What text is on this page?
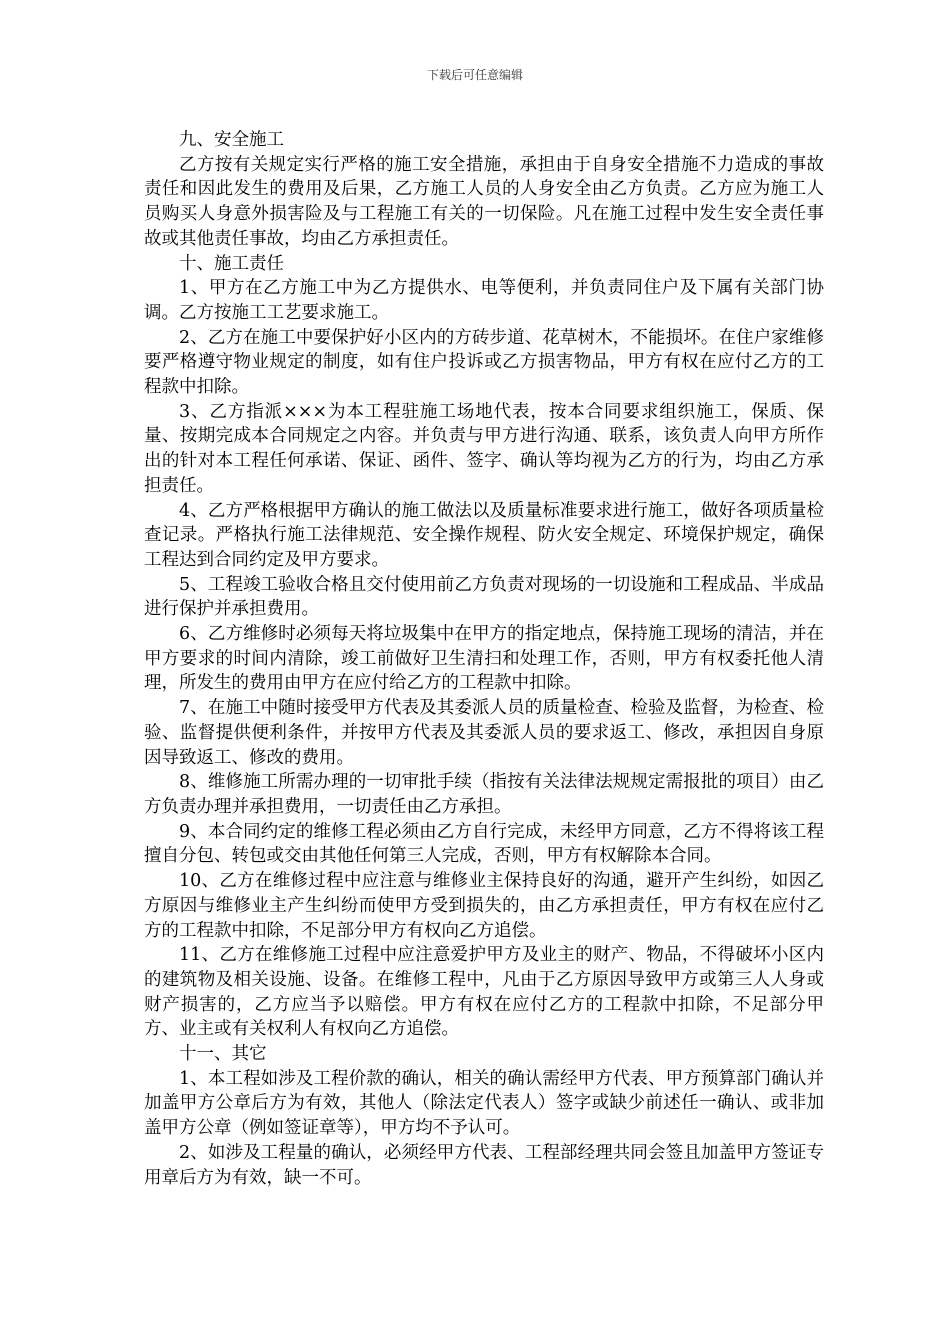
下载后可任意编辑

九、安全施工

乙方按有关规定实行严格的施工安全措施，承担由于自身安全措施不力造成的事故责任和因此发生的费用及后果，乙方施工人员的人身安全由乙方负责。乙方应为施工人员购买人身意外损害险及与工程施工有关的一切保险。凡在施工过程中发生安全责任事故或其他责任事故，均由乙方承担责任。

十、施工责任

1、甲方在乙方施工中为乙方提供水、电等便利，并负责同住户及下属有关部门协调。乙方按施工工艺要求施工。

2、乙方在施工中要保护好小区内的方砖步道、花草树木，不能损坏。在住户家维修要严格遵守物业规定的制度，如有住户投诉或乙方损害物品，甲方有权在应付乙方的工程款中扣除。

3、乙方指派×××为本工程驻施工场地代表，按本合同要求组织施工，保质、保量、按期完成本合同规定之内容。并负责与甲方进行沟通、联系，该负责人向甲方所作出的针对本工程任何承诺、保证、函件、签字、确认等均视为乙方的行为，均由乙方承担责任。

4、乙方严格根据甲方确认的施工做法以及质量标准要求进行施工，做好各项质量检查记录。严格执行施工法律规范、安全操作规程、防火安全规定、环境保护规定，确保工程达到合同约定及甲方要求。

5、工程竣工验收合格且交付使用前乙方负责对现场的一切设施和工程成品、半成品进行保护并承担费用。

6、乙方维修时必须每天将垃圾集中在甲方的指定地点，保持施工现场的清洁，并在甲方要求的时间内清除，竣工前做好卫生清扫和处理工作，否则，甲方有权委托他人清理，所发生的费用由甲方在应付给乙方的工程款中扣除。

7、在施工中随时接受甲方代表及其委派人员的质量检查、检验及监督，为检查、检验、监督提供便利条件，并按甲方代表及其委派人员的要求返工、修改，承担因自身原因导致返工、修改的费用。

8、维修施工所需办理的一切审批手续（指按有关法律法规规定需报批的项目）由乙方负责办理并承担费用，一切责任由乙方承担。

9、本合同约定的维修工程必须由乙方自行完成，未经甲方同意，乙方不得将该工程擅自分包、转包或交由其他任何第三人完成，否则，甲方有权解除本合同。

10、乙方在维修过程中应注意与维修业主保持良好的沟通，避开产生纠纷，如因乙方原因与维修业主产生纠纷而使甲方受到损失的，由乙方承担责任，甲方有权在应付乙方的工程款中扣除，不足部分甲方有权向乙方追偿。

11、乙方在维修施工过程中应注意爱护甲方及业主的财产、物品，不得破坏小区内的建筑物及相关设施、设备。在维修工程中，凡由于乙方原因导致甲方或第三人人身或财产损害的，乙方应当予以赔偿。甲方有权在应付乙方的工程款中扣除，不足部分甲方、业主或有关权利人有权向乙方追偿。

十一、其它

1、本工程如涉及工程价款的确认，相关的确认需经甲方代表、甲方预算部门确认并加盖甲方公章后方为有效，其他人（除法定代表人）签字或缺少前述任一确认、或非加盖甲方公章（例如签证章等），甲方均不予认可。

2、如涉及工程量的确认，必须经甲方代表、工程部经理共同会签且加盖甲方签证专用章后方为有效，缺一不可。
